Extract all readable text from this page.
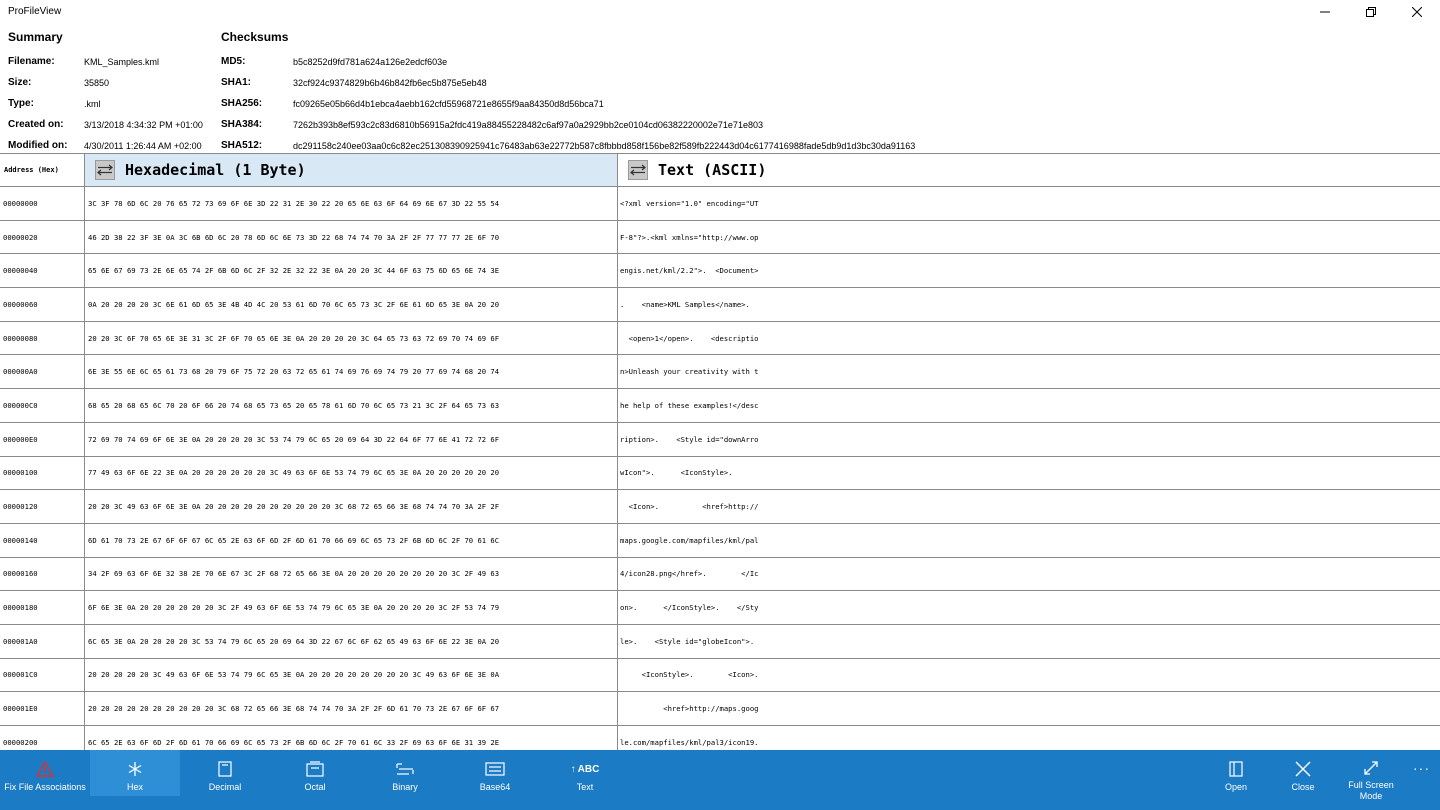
ProFileView
Summary
Filename:	KML_Samples.kml
Size:	35850
Type:	.kml
Created on:	3/13/2018 4:34:32 PM +01:00
Modified on:	4/30/2011 1:26:44 AM +02:00
Checksums
MD5:	b5c8252d9fd781a624a126e2edcf603e
SHA1:	32cf924c9374829b6b46b842fb6ec5b875e5eb48
SHA256:	fc09265e05b66d4b1ebca4aebb162cfd55968721e8655f9aa84350d8d56bca71
SHA384:	7262b393b8ef593c2c83d6810b56915a2fdc419a88455228482c6af97a0a2929bb2ce0104cd06382220002e71e71e803
SHA512:	dc291158c240ee03aa0c6c82ec251308390925941c76483ab63e22772b587c8fbbbd858f156be82f589fb222443d04c6177416988fade5db9d1d3bc30da91163
Address (Hex)	Hexadecimal (1 Byte)	Text (ASCII)
00000000	3C 3F 78 6D 6C 20 76 65 72 73 69 6F 6E 3D 22 31 2E 30 22 20 65 6E 63 6F 64 69 6E 67 3D 22 55 54	<?xml version="1.0" encoding="UT
00000020	46 2D 38 22 3F 3E 0A 3C 6B 6D 6C 20 78 6D 6C 6E 73 3D 22 68 74 74 70 3A 2F 2F 77 77 77 2E 6F 70	F-8"?>.<kml xmlns="http://www.op
00000040	65 6E 67 69 73 2E 6E 65 74 2F 6B 6D 6C 2F 32 2E 32 22 3E 0A 20 20 3C 44 6F 63 75 6D 65 6E 74 3E	engis.net/kml/2.2">.  <Document>
00000060	0A 20 20 20 20 3C 6E 61 6D 65 3E 4B 4D 4C 20 53 61 6D 70 6C 65 73 3C 2F 6E 61 6D 65 3E 0A 20 20	.    <name>KML Samples</name>.
00000080	20 20 3C 6F 70 65 6E 3E 31 3C 2F 6F 70 65 6E 3E 0A 20 20 20 20 3C 64 65 73 63 72 69 70 74 69 6F	<open>1</open>.    <descriptio
000000A0	6E 3E 55 6E 6C 65 61 73 68 20 79 6F 75 72 20 63 72 65 61 74 69 76 69 74 79 20 77 69 74 68 20 74	n>Unleash your creativity with t
000000C0	68 65 20 68 65 6C 70 20 6F 66 20 74 68 65 73 65 20 65 78 61 6D 70 6C 65 73 21 3C 2F 64 65 73 63	he help of these examples!</desc
000000E0	72 69 70 74 69 6F 6E 3E 0A 20 20 20 20 3C 53 74 79 6C 65 20 69 64 3D 22 64 6F 77 6E 41 72 72 6F	ription>.    <Style id="downArro
00000100	77 49 63 6F 6E 22 3E 0A 20 20 20 20 20 20 3C 49 63 6F 6E 53 74 79 6C 65 3E 0A 20 20 20 20 20 20	wIcon">.      <IconStyle>.
00000120	20 20 3C 49 63 6F 6E 3E 0A 20 20 20 20 20 20 20 20 20 20 3C 68 72 65 66 3E 68 74 74 70 3A 2F 2F	<Icon>.          <href>http://
00000140	6D 61 70 73 2E 67 6F 6F 67 6C 65 2E 63 6F 6D 2F 6D 61 70 66 69 6C 65 73 2F 6B 6D 6C 2F 70 61 6C	maps.google.com/mapfiles/kml/pal
00000160	34 2F 69 63 6F 6E 32 38 2E 70 6E 67 3C 2F 68 72 65 66 3E 0A 20 20 20 20 20 20 20 20 3C 2F 49 63	4/icon28.png</href>.        </Ic
00000180	6F 6E 3E 0A 20 20 20 20 20 20 3C 2F 49 63 6F 6E 53 74 79 6C 65 3E 0A 20 20 20 20 3C 2F 53 74 79	on>.      </IconStyle>.    </Sty
000001A0	6C 65 3E 0A 20 20 20 20 3C 53 74 79 6C 65 20 69 64 3D 22 67 6C 6F 62 65 49 63 6F 6E 22 3E 0A 20	le>.    <Style id="globeIcon">.
000001C0	20 20 20 20 20 3C 49 63 6F 6E 53 74 79 6C 65 3E 0A 20 20 20 20 20 20 20 20 3C 49 63 6F 6E 3E 0A	<IconStyle>.        <Icon>.
000001E0	20 20 20 20 20 20 20 20 20 20 3C 68 72 65 66 3E 68 74 74 70 3A 2F 2F 6D 61 70 73 2E 67 6F 6F 67	<href>http://maps.goog
00000200	6C 65 2E 63 6F 6D 2F 6D 61 70 66 69 6C 65 73 2F 6B 6D 6C 2F 70 61 6C 33 2F 69 63 6F 6E 31 39 2E	le.com/mapfiles/kml/pal3/icon19.
Fix File Associations	Hex	Decimal	Octal	Binary	Base64
↑ ABC
Text	Open	Close	Full Screen Mode
···
